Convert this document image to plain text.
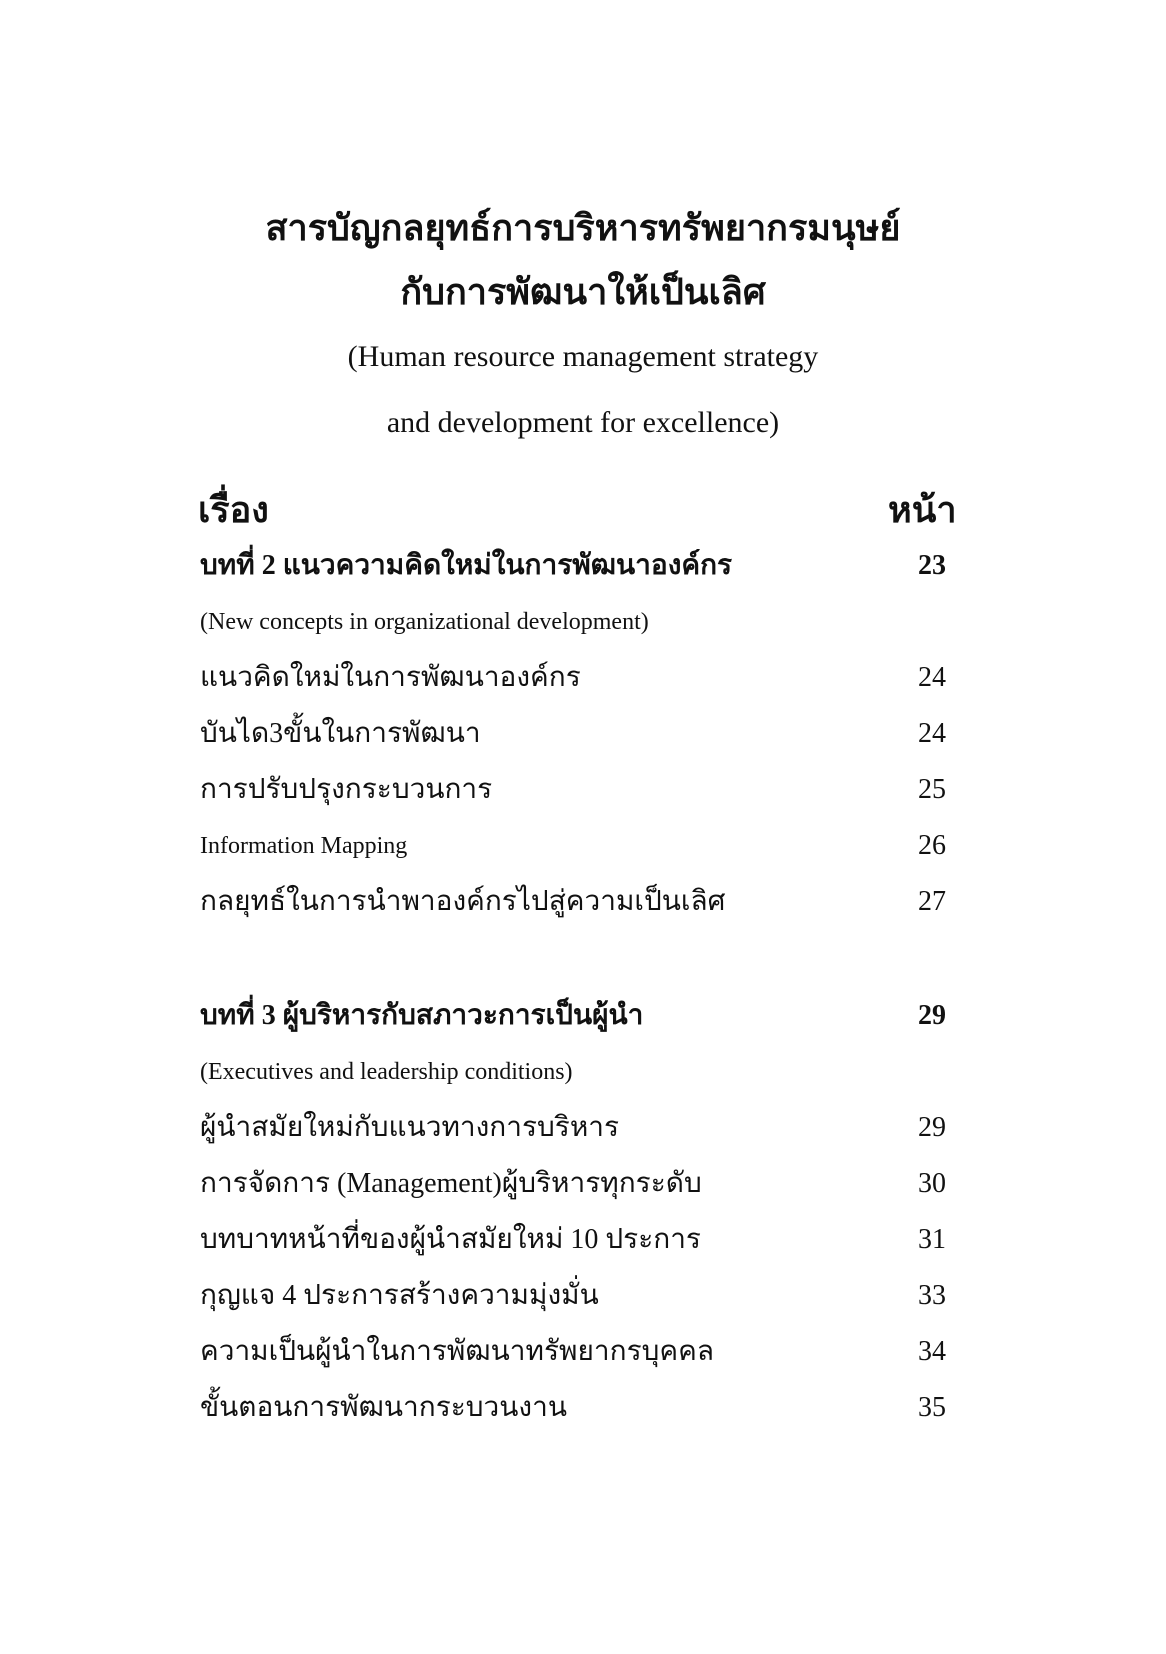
สารบัญกลยุทธ์การบริหารทรัพยากรมนุษย์
กับการพัฒนาให้เป็นเลิศ

(Human resource management strategy

and development for excellence)

เรื่อง	หน้า
บทที่ 2 แนวความคิดใหม่ในการพัฒนาองค์กร	23
(New concepts in organizational development)
แนวคิดใหม่ในการพัฒนาองค์กร	24
บันได3ขั้นในการพัฒนา	24
การปรับปรุงกระบวนการ	25
Information Mapping	26
กลยุทธ์ในการนำพาองค์กรไปสู่ความเป็นเลิศ	27
บทที่ 3 ผู้บริหารกับสภาวะการเป็นผู้นำ	29
(Executives and leadership conditions)
ผู้นำสมัยใหม่กับแนวทางการบริหาร	29
การจัดการ (Management)ผู้บริหารทุกระดับ	30
บทบาทหน้าที่ของผู้นำสมัยใหม่ 10 ประการ	31
กุญแจ 4 ประการสร้างความมุ่งมั่น	33
ความเป็นผู้นำในการพัฒนาทรัพยากรบุคคล	34
ขั้นตอนการพัฒนากระบวนงาน	35
